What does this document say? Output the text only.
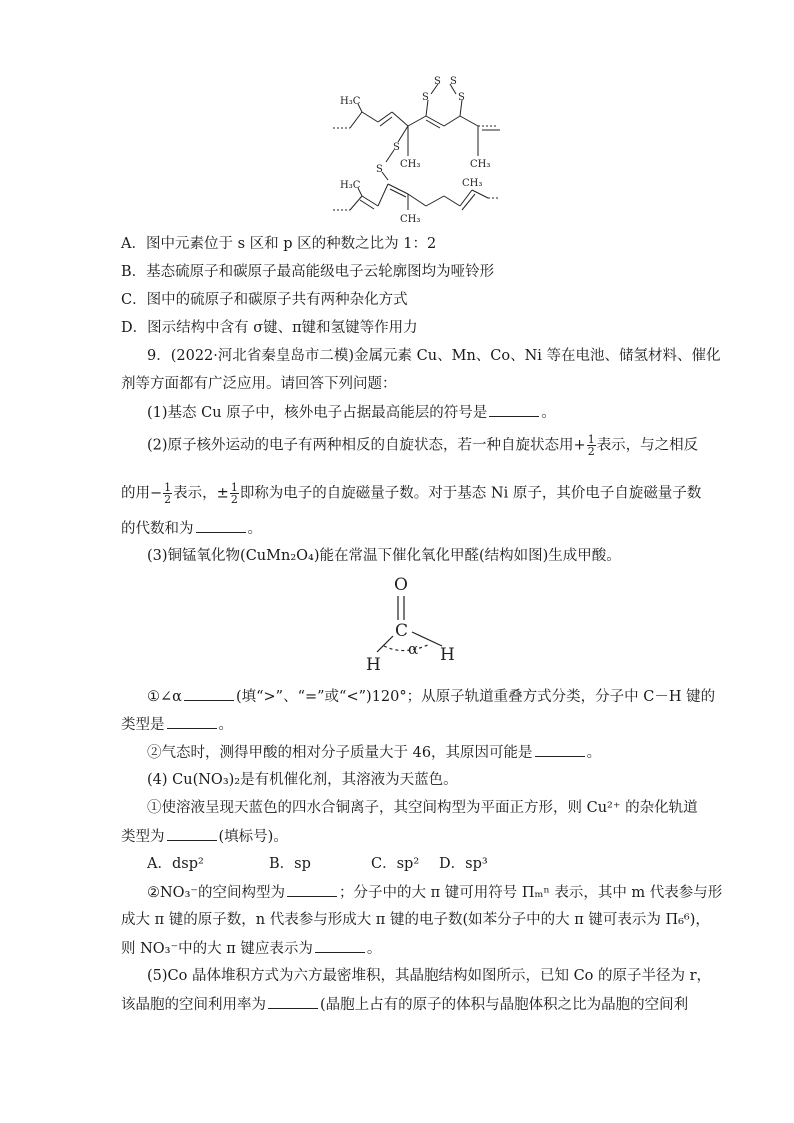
H₃C
S S
S	S
CH₃	CH₃
S
S
H₃C
CH₃
CH₃
A．图中元素位于 s 区和 p 区的种数之比为 1：2
B．基态硫原子和碳原子最高能级电子云轮廓图均为哑铃形
C．图中的硫原子和碳原子共有两种杂化方式
D．图示结构中含有 σ键、π键和氢键等作用力
9．(2022·河北省秦皇岛市二模)金属元素 Cu、Mn、Co、Ni 等在电池、储氢材料、催化
剂等方面都有广泛应用。请回答下列问题：
(1)基态 Cu 原子中，核外电子占据最高能层的符号是	。
(2)原子核外运动的电子有两种相反的自旋状态，若一种自旋状态用+ $\frac{1}{2}$ 表示，与之相反
的用− $\frac{1}{2}$ 表示，± $\frac{1}{2}$ 即称为电子的自旋磁量子数。对于基态 Ni 原子，其价电子自旋磁量子数
的代数和为	。
(3)铜锰氧化物(CuMn₂O₄)能在常温下催化氧化甲醛(结构如图)生成甲酸。
O
C
H	H
α
①∠α	(填“>”、“=”或“<”)120°；从原子轨道重叠方式分类，分子中 C－H 键的
类型是	。
②气态时，测得甲酸的相对分子质量大于 46，其原因可能是	。
(4) Cu(NO₃)₂是有机催化剂，其溶液为天蓝色。
①使溶液呈现天蓝色的四水合铜离子，其空间构型为平面正方形，则 Cu²⁺ 的杂化轨道
类型为	(填标号)。
A．dsp²	B．sp	C．sp² D．sp³
②NO₃⁻的空间构型为	；分子中的大 π 键可用符号 Πₘⁿ 表示，其中 m 代表参与形
成大 π 键的原子数，n 代表参与形成大 π 键的电子数(如苯分子中的大 π 键可表示为 Π₆⁶)，
则 NO₃⁻中的大 π 键应表示为	。
(5)Co 晶体堆积方式为六方最密堆积，其晶胞结构如图所示，已知 Co 的原子半径为 r，
该晶胞的空间利用率为	(晶胞上占有的原子的体积与晶胞体积之比为晶胞的空间利
